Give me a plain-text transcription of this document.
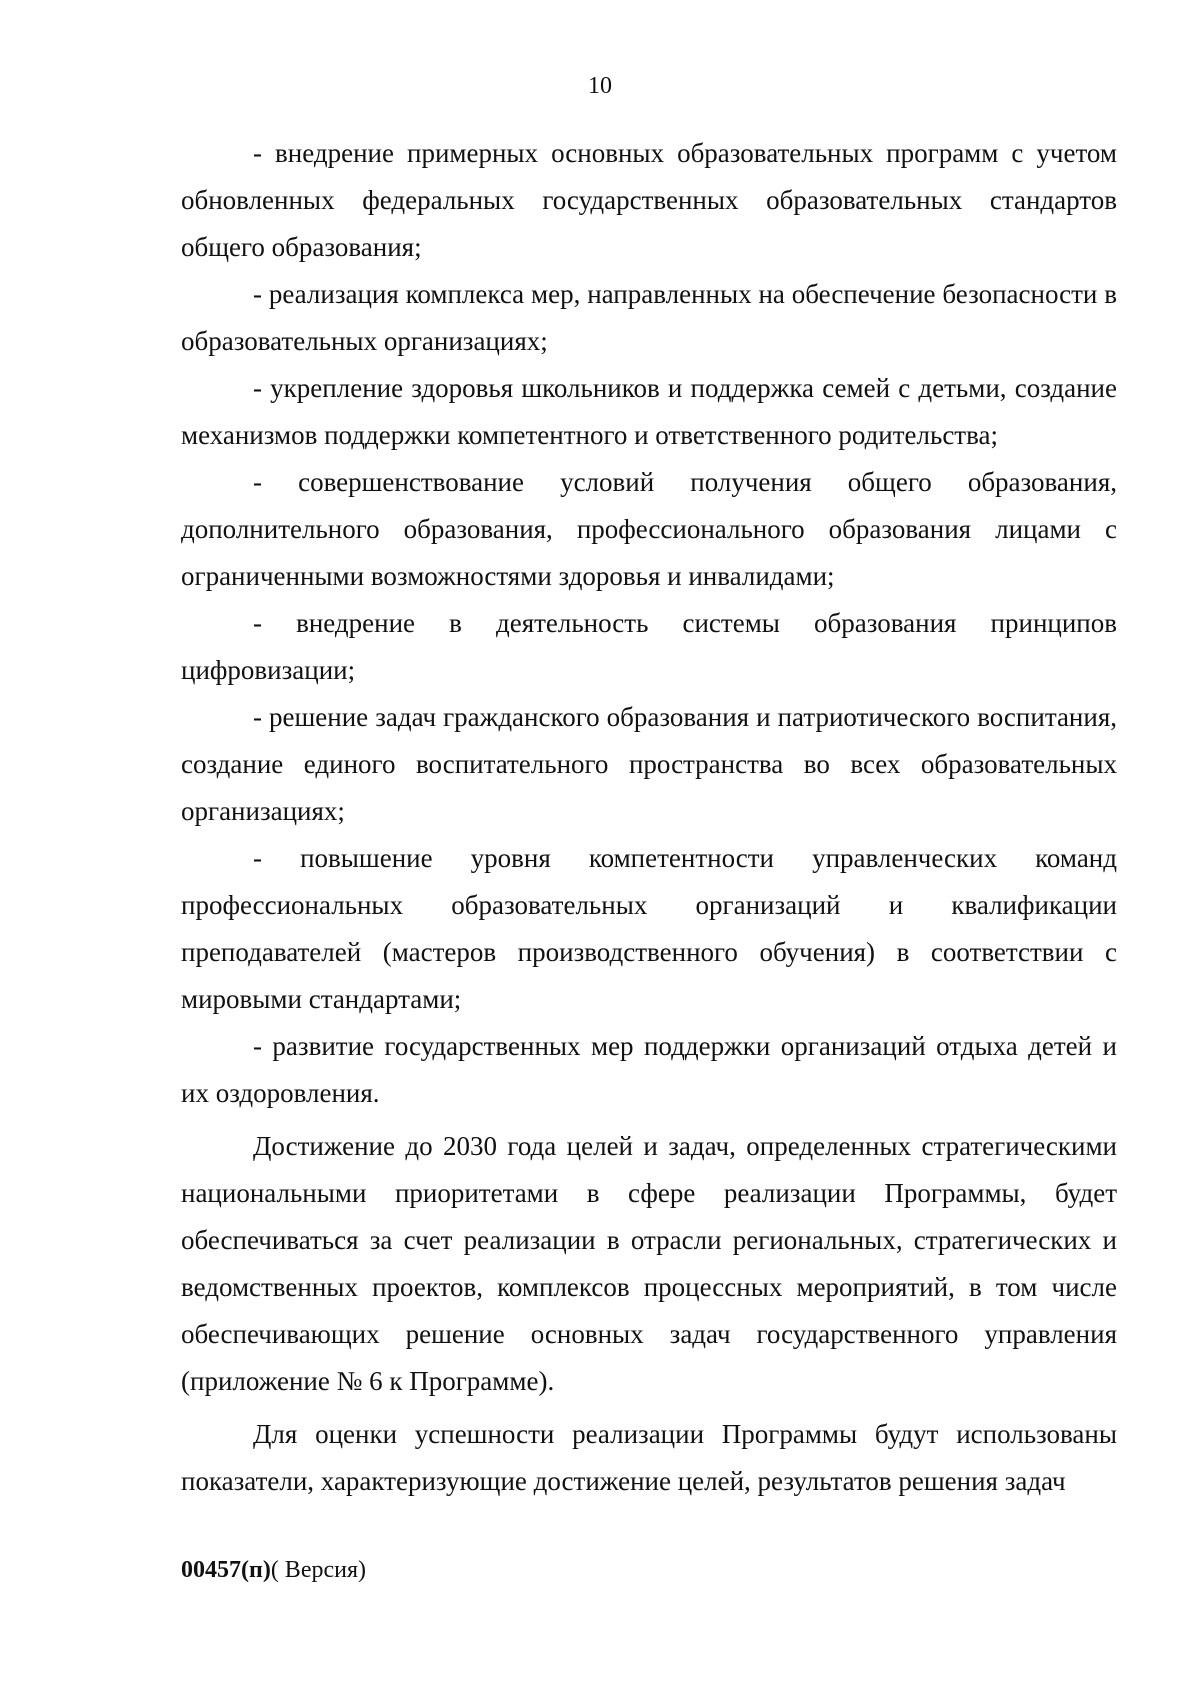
10

- внедрение примерных основных образовательных программ с учетом обновленных федеральных государственных образовательных стандартов общего образования;

- реализация комплекса мер, направленных на обеспечение безопасности в образовательных организациях;

- укрепление здоровья школьников и поддержка семей с детьми, создание механизмов поддержки компетентного и ответственного родительства;

- совершенствование условий получения общего образования, дополнительного образования, профессионального образования лицами с ограниченными возможностями здоровья и инвалидами;

- внедрение в деятельность системы образования принципов цифровизации;

- решение задач гражданского образования и патриотического воспитания, создание единого воспитательного пространства во всех образовательных организациях;

- повышение уровня компетентности управленческих команд профессиональных образовательных организаций и квалификации преподавателей (мастеров производственного обучения) в соответствии с мировыми стандартами;

- развитие государственных мер поддержки организаций отдыха детей и их оздоровления.

Достижение до 2030 года целей и задач, определенных стратегическими национальными приоритетами в сфере реализации Программы, будет обеспечиваться за счет реализации в отрасли региональных, стратегических и ведомственных проектов, комплексов процессных мероприятий, в том числе обеспечивающих решение основных задач государственного управления (приложение № 6 к Программе).

Для оценки успешности реализации Программы будут использованы показатели, характеризующие достижение целей, результатов решения задач

00457(п)( Версия)
